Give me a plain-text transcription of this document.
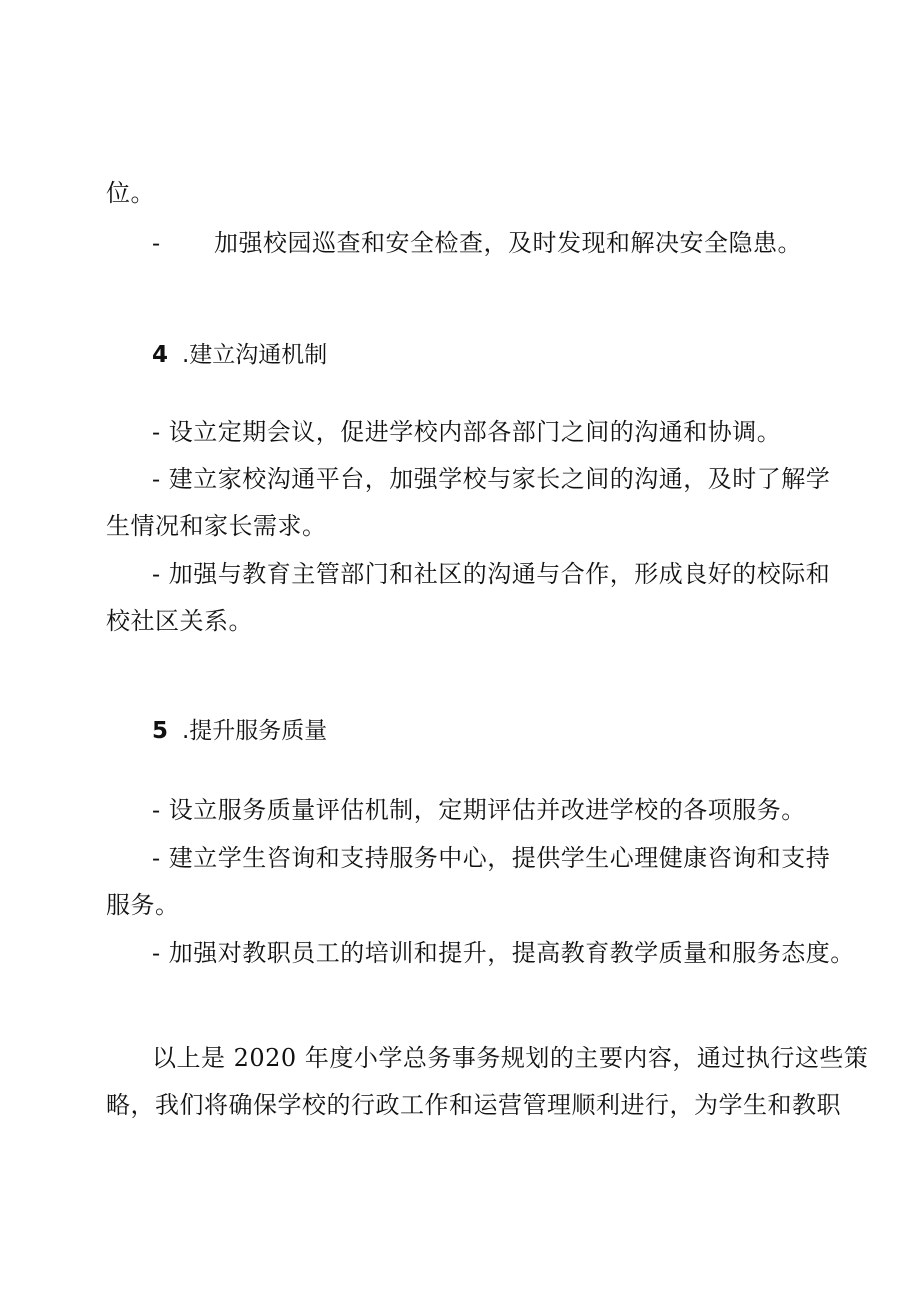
位。
- 加强校园巡查和安全检查，及时发现和解决安全隐患。
4 .建立沟通机制
- 设立定期会议，促进学校内部各部门之间的沟通和协调。
- 建立家校沟通平台，加强学校与家长之间的沟通，及时了解学
生情况和家长需求。
- 加强与教育主管部门和社区的沟通与合作，形成良好的校际和
校社区关系。
5 .提升服务质量
- 设立服务质量评估机制，定期评估并改进学校的各项服务。
- 建立学生咨询和支持服务中心，提供学生心理健康咨询和支持
服务。
- 加强对教职员工的培训和提升，提高教育教学质量和服务态度。
以上是 2020 年度小学总务事务规划的主要内容，通过执行这些策
略，我们将确保学校的行政工作和运营管理顺利进行，为学生和教职
